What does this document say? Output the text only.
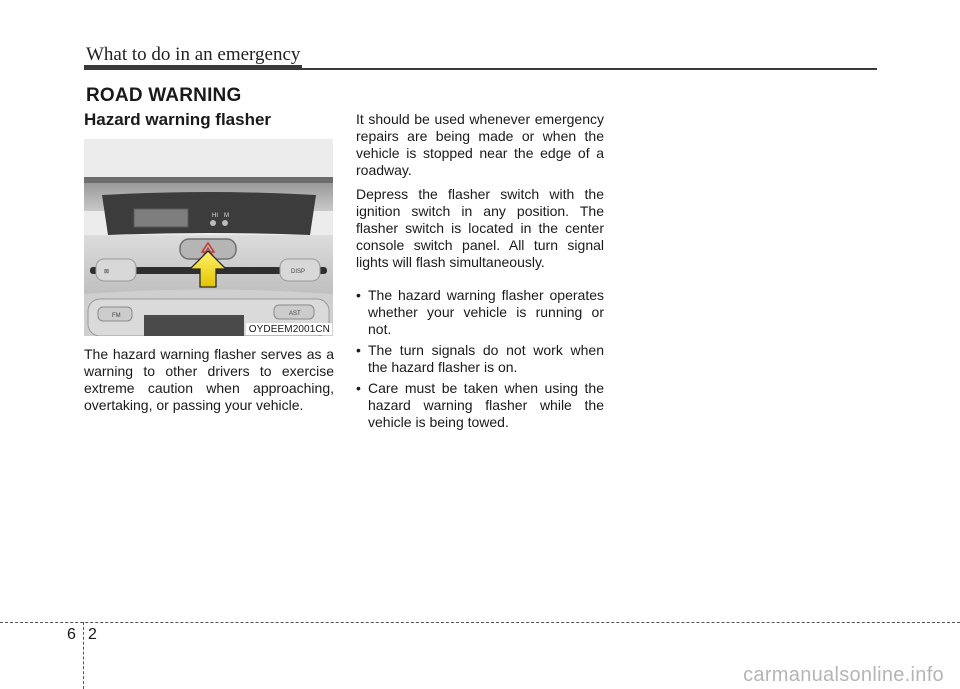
What to do in an emergency
ROAD WARNING
Hazard warning flasher
HI M
⊠	DISP
FM	AST
OYDEEM2001CN

The hazard warning flasher serves as a warning to other drivers to exercise extreme caution when approaching, overtaking, or passing your vehicle.

It should be used whenever emergency repairs are being made or when the vehicle is stopped near the edge of a roadway.

Depress the flasher switch with the ignition switch in any position. The flasher switch is located in the center console switch panel. All turn signal lights will flash simultaneously.

• The hazard warning flasher operates whether your vehicle is running or not.
• The turn signals do not work when the hazard flasher is on.
• Care must be taken when using the hazard warning flasher while the vehicle is being towed.
6 2
carmanualsonline.info
